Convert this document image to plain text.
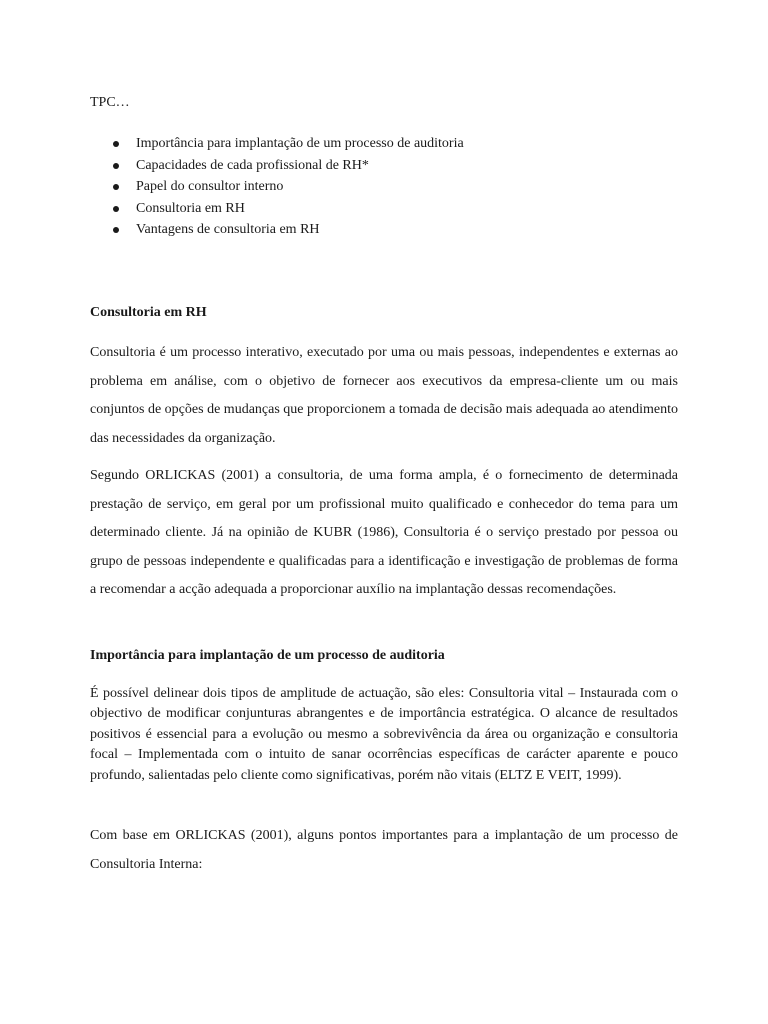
TPC…

Importância para implantação de um processo de auditoria
Capacidades de cada profissional de RH*
Papel do consultor interno
Consultoria em RH
Vantagens de consultoria em RH
Consultoria em RH

Consultoria é um processo interativo, executado por uma ou mais pessoas, independentes e externas ao problema em análise, com o objetivo de fornecer aos executivos da empresa-cliente um ou mais conjuntos de opções de mudanças que proporcionem a tomada de decisão mais adequada ao atendimento das necessidades da organização.

Segundo ORLICKAS (2001) a consultoria, de uma forma ampla, é o fornecimento de determinada prestação de serviço, em geral por um profissional muito qualificado e conhecedor do tema para um determinado cliente. Já na opinião de KUBR (1986), Consultoria é o serviço prestado por pessoa ou grupo de pessoas independente e qualificadas para a identificação e investigação de problemas de forma a recomendar a acção adequada a proporcionar auxílio na implantação dessas recomendações.

Importância para implantação de um processo de auditoria

É possível delinear dois tipos de amplitude de actuação, são eles: Consultoria vital – Instaurada com o objectivo de modificar conjunturas abrangentes e de importância estratégica. O alcance de resultados positivos é essencial para a evolução ou mesmo a sobrevivência da área ou organização e consultoria focal – Implementada com o intuito de sanar ocorrências específicas de carácter aparente e pouco profundo, salientadas pelo cliente como significativas, porém não vitais (ELTZ E VEIT, 1999).

Com base em ORLICKAS (2001), alguns pontos importantes para a implantação de um processo de Consultoria Interna:
